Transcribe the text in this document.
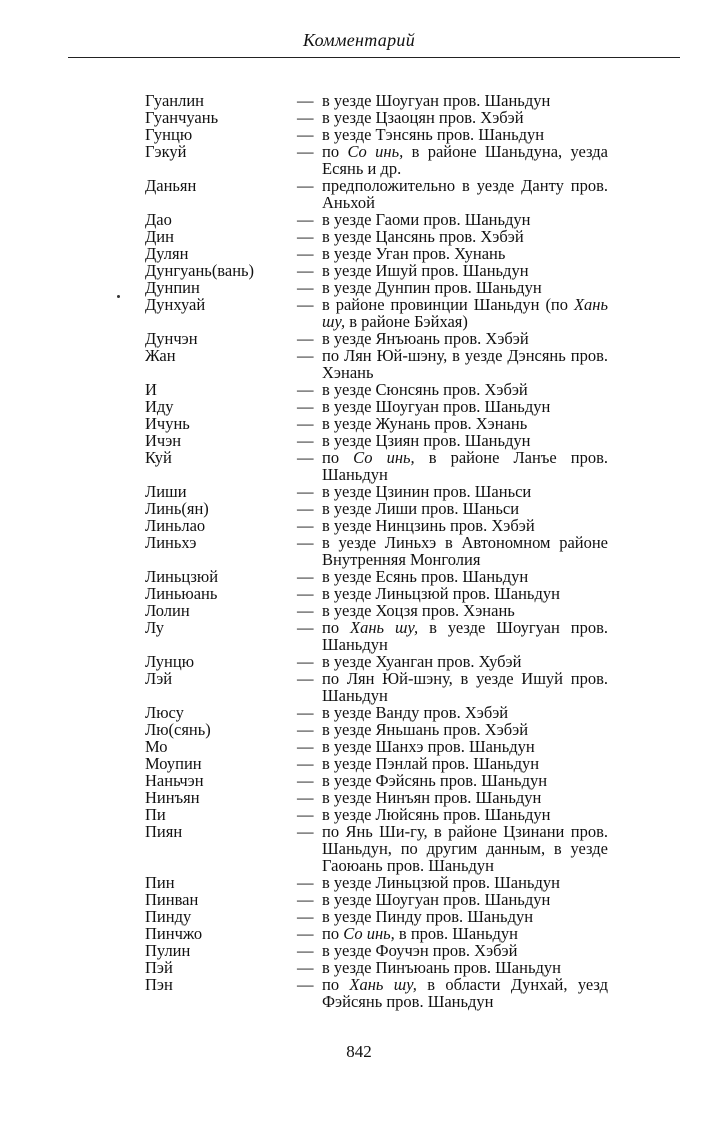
Комментарий
Гуанлин	— в уезде Шоугуан пров. Шаньдун
Гуанчуань	— в уезде Цзаоцян пров. Хэбэй
Гунцю	— в уезде Тэнсянь пров. Шаньдун
Гэкуй	— по Со инь, в районе Шаньдуна, уезда Есянь и др.
Даньян	— предположительно в уезде Данту пров. Аньхой
Дао	— в уезде Гаоми пров. Шаньдун
Дин	— в уезде Цансянь пров. Хэбэй
Дулян	— в уезде Уган пров. Хунань
Дунгуань(вань)	— в уезде Ишуй пров. Шаньдун
Дунпин	— в уезде Дунпин пров. Шаньдун
Дунхуай	— в районе провинции Шаньдун (по Хань шу, в районе Бэйхая)
Дунчэн	— в уезде Янъюань пров. Хэбэй
Жан	— по Лян Юй-шэну, в уезде Дэнсянь пров. Хэнань
И	— в уезде Сюнсянь пров. Хэбэй
Иду	— в уезде Шоугуан пров. Шаньдун
Ичунь	— в уезде Жунань пров. Хэнань
Ичэн	— в уезде Цзиян пров. Шаньдун
Куй	— по Со инь, в районе Ланъе пров. Шаньдун
Лиши	— в уезде Цзинин пров. Шаньси
Линь(ян)	— в уезде Лиши пров. Шаньси
Линьлао	— в уезде Нинцзинь пров. Хэбэй
Линьхэ	— в уезде Линьхэ в Автономном районе Внутренняя Монголия
Линьцзюй	— в уезде Есянь пров. Шаньдун
Линьюань	— в уезде Линьцзюй пров. Шаньдун
Лолин	— в уезде Хоцзя пров. Хэнань
Лу	— по Хань шу, в уезде Шоугуан пров. Шаньдун
Лунцю	— в уезде Хуанган пров. Хубэй
Лэй	— по Лян Юй-шэну, в уезде Ишуй пров. Шаньдун
Люсу	— в уезде Ванду пров. Хэбэй
Лю(сянь)	— в уезде Яньшань пров. Хэбэй
Мо	— в уезде Шанхэ пров. Шаньдун
Моупин	— в уезде Пэнлай пров. Шаньдун
Наньчэн	— в уезде Фэйсянь пров. Шаньдун
Нинъян	— в уезде Нинъян пров. Шаньдун
Пи	— в уезде Люйсянь пров. Шаньдун
Пиян	— по Янь Ши-гу, в районе Цзинани пров. Шаньдун, по другим данным, в уезде Гаоюань пров. Шаньдун
Пин	— в уезде Линьцзюй пров. Шаньдун
Пинван	— в уезде Шоугуан пров. Шаньдун
Пинду	— в уезде Пинду пров. Шаньдун
Пинчжо	— по Со инь, в пров. Шаньдун
Пулин	— в уезде Фоучэн пров. Хэбэй
Пэй	— в уезде Пинъюань пров. Шаньдун
Пэн	— по Хань шу, в области Дунхай, уезд Фэйсянь пров. Шаньдун
842
